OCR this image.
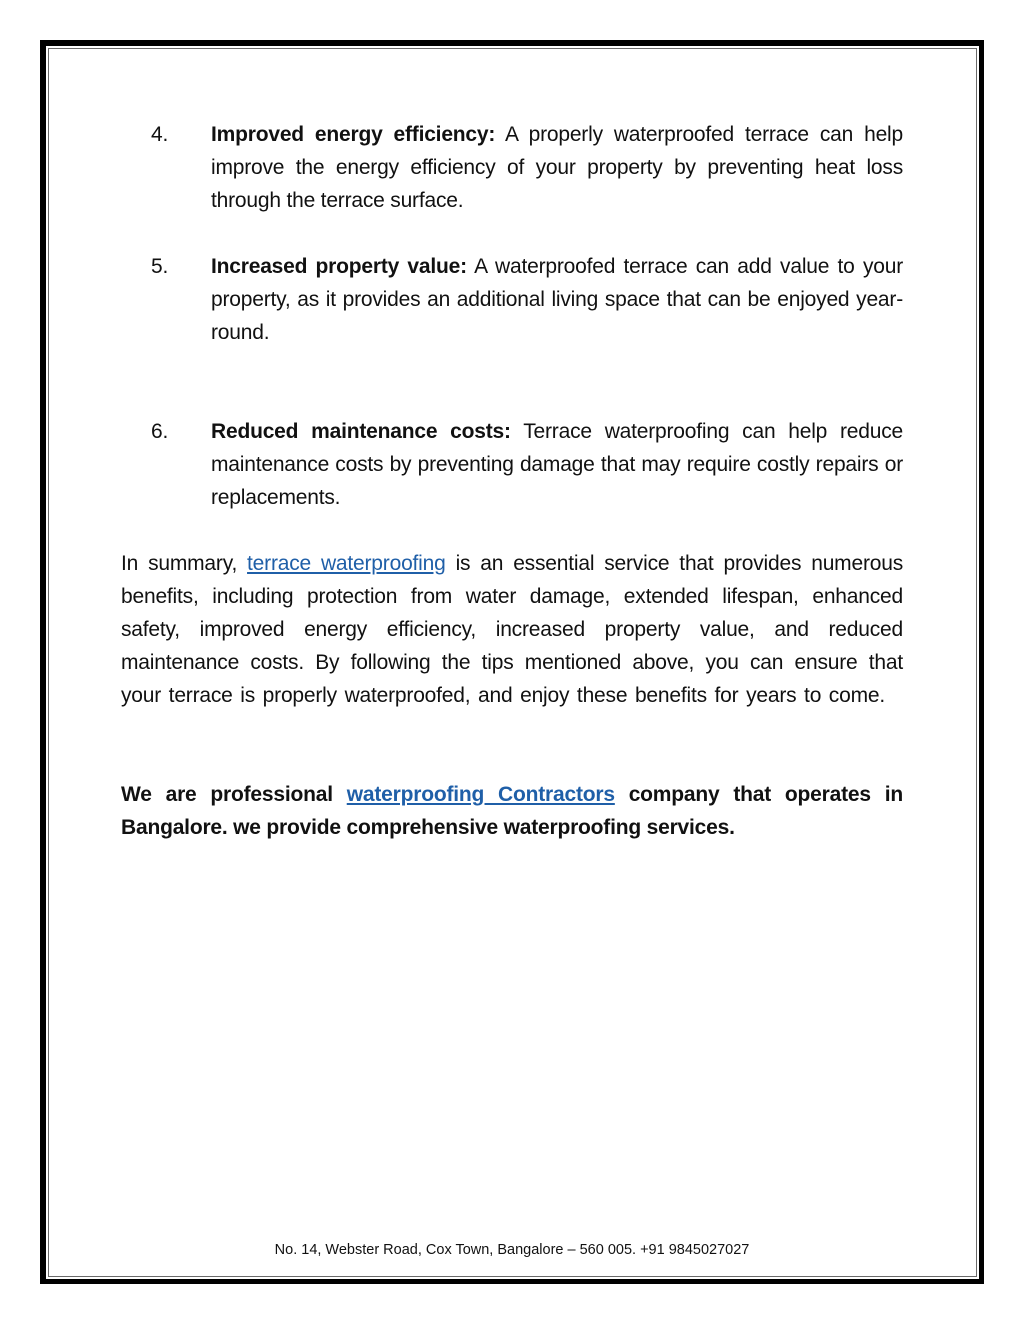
4. Improved energy efficiency: A properly waterproofed terrace can help improve the energy efficiency of your property by preventing heat loss through the terrace surface.

5. Increased property value: A waterproofed terrace can add value to your property, as it provides an additional living space that can be enjoyed year-round.

6. Reduced maintenance costs: Terrace waterproofing can help reduce maintenance costs by preventing damage that may require costly repairs or replacements.

In summary, terrace waterproofing is an essential service that provides numerous benefits, including protection from water damage, extended lifespan, enhanced safety, improved energy efficiency, increased property value, and reduced maintenance costs. By following the tips mentioned above, you can ensure that your terrace is properly waterproofed, and enjoy these benefits for years to come.

We are professional waterproofing Contractors company that operates in Bangalore. we provide comprehensive waterproofing services.

No. 14, Webster Road, Cox Town, Bangalore – 560 005. +91 9845027027
